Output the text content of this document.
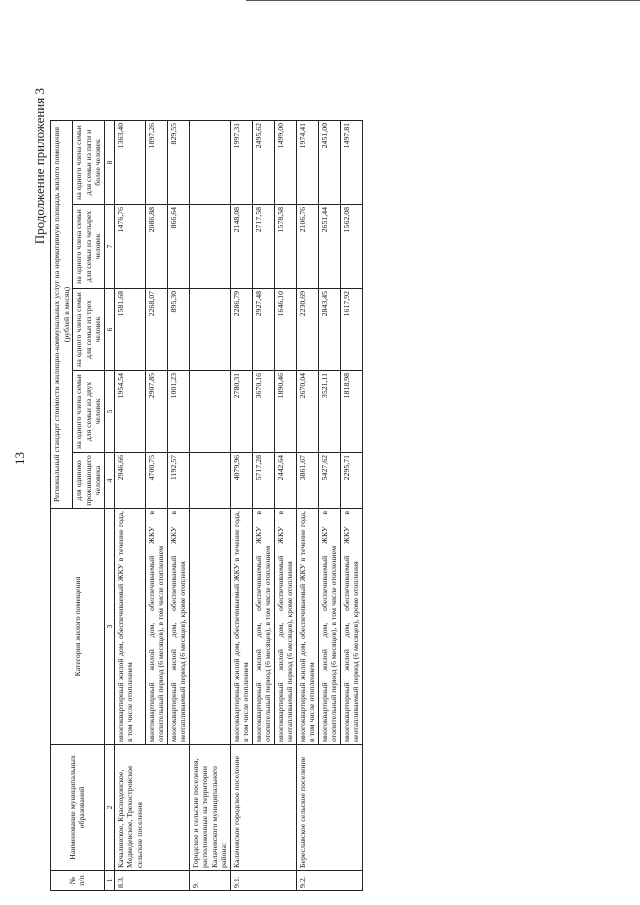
13
Продолжение приложения 3
№ п/п	Наименование муниципальных образований	Категория жилого помещения	Региональный стандарт стоимости жилищно-коммунальных услуг на нормативную площадь жилого помещения (рублей в месяц)				
			для одиноко проживающего человека	на одного члена семьи для семьи из двух человек	на одного члена семьи для семьи из трех человек	на одного члена семьи для семьи из четырех человек	на одного члена семьи для семьи из пяти и более человек
1	2	3	4	5	6	7	8
8.3.	Качалинское, Краснодонское, Медведевское, Трехостровское сельские поселения	многоквартирный жилой дом, обеспечиваемый ЖКУ в течение года, в том числе отоплением	2946,66	1954,54	1581,68	1476,76	1363,40
		многоквартирный жилой дом, обеспечиваемый ЖКУ в отопительный период (6 месяцев), в том числе отоплением	4700,75	2907,85	2268,07	2086,88	1897,26
		многоквартирный жилой дом, обеспечиваемый ЖКУ в неотапливаемый период (6 месяцев), кроме отопления	1192,57	1001,23	895,30	866,64	829,55
9.	Городское и сельские поселения, расположенные на территории Калачевского муниципального района:						
9.1.	Калачевское городское поселение	многоквартирный жилой дом, обеспечиваемый ЖКУ в течение года, в том числе отоплением	4079,96	2780,31	2286,79	2148,08	1997,31
		многоквартирный жилой дом, обеспечиваемый ЖКУ в отопительный период (6 месяцев), в том числе отоплением	5717,28	3670,16	2927,48	2717,58	2495,62
		многоквартирный жилой дом, обеспечиваемый ЖКУ в неотапливаемый период (6 месяцев), кроме отопления	2442,64	1890,46	1646,10	1578,58	1499,00
9.2.	Береславское сельское поселение	многоквартирный жилой дом, обеспечиваемый ЖКУ в течение года, в том числе отоплением	3861,67	2670,04	2230,69	2106,76	1974,41
		многоквартирный жилой дом, обеспечиваемый ЖКУ в отопительный период (6 месяцев), в том числе отоплением	5427,62	3521,11	2843,45	2651,44	2451,00
		многоквартирный жилой дом, обеспечиваемый ЖКУ в неотапливаемый период (6 месяцев), кроме отопления	2295,71	1818,98	1617,92	1562,08	1497,81
